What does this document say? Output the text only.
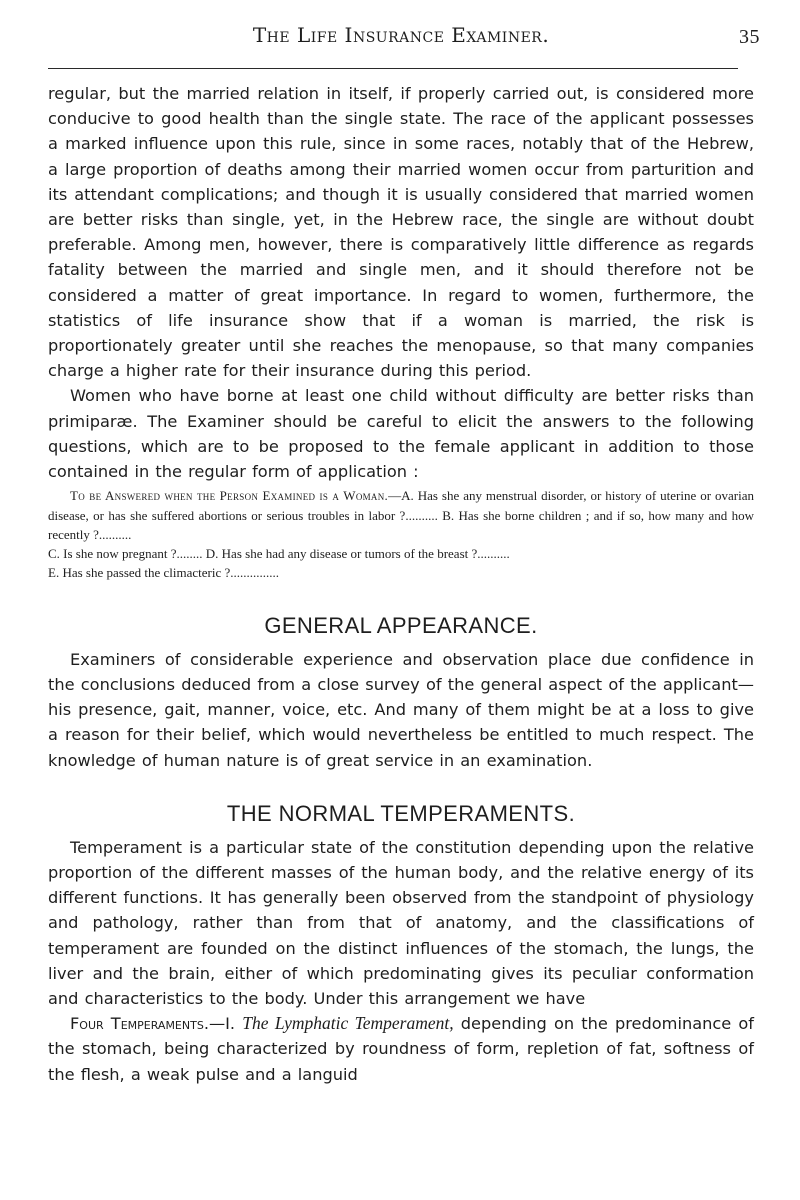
The Life Insurance Examiner.	35

regular, but the married relation in itself, if properly carried out, is considered more conducive to good health than the single state. The race of the applicant possesses a marked influence upon this rule, since in some races, notably that of the Hebrew, a large proportion of deaths among their married women occur from parturition and its attendant complications; and though it is usually considered that married women are better risks than single, yet, in the Hebrew race, the single are without doubt preferable. Among men, however, there is comparatively little difference as regards fatality between the married and single men, and it should therefore not be considered a matter of great importance. In regard to women, furthermore, the statistics of life insurance show that if a woman is married, the risk is proportionately greater until she reaches the menopause, so that many companies charge a higher rate for their insurance during this period.

Women who have borne at least one child without difficulty are better risks than primiparæ. The Examiner should be careful to elicit the answers to the following questions, which are to be proposed to the female applicant in addition to those contained in the regular form of application :

To be Answered when the Person Examined is a Woman.—A. Has she any menstrual disorder, or history of uterine or ovarian disease, or has she suffered abortions or serious troubles in labor ?.......... B. Has she borne children ; and if so, how many and how recently ?..........
C. Is she now pregnant ?........ D. Has she had any disease or tumors of the breast ?..........
E. Has she passed the climacteric ?...............
GENERAL APPEARANCE.

Examiners of considerable experience and observation place due confidence in the conclusions deduced from a close survey of the general aspect of the applicant—his presence, gait, manner, voice, etc. And many of them might be at a loss to give a reason for their belief, which would nevertheless be entitled to much respect. The knowledge of human nature is of great service in an examination.

THE NORMAL TEMPERAMENTS.

Temperament is a particular state of the constitution depending upon the relative proportion of the different masses of the human body, and the relative energy of its different functions. It has generally been observed from the standpoint of physiology and pathology, rather than from that of anatomy, and the classifications of temperament are founded on the distinct influences of the stomach, the lungs, the liver and the brain, either of which predominating gives its peculiar conformation and characteristics to the body. Under this arrangement we have

Four Temperaments.—I. The Lymphatic Temperament, depending on the predominance of the stomach, being characterized by roundness of form, repletion of fat, softness of the flesh, a weak pulse and a languid
